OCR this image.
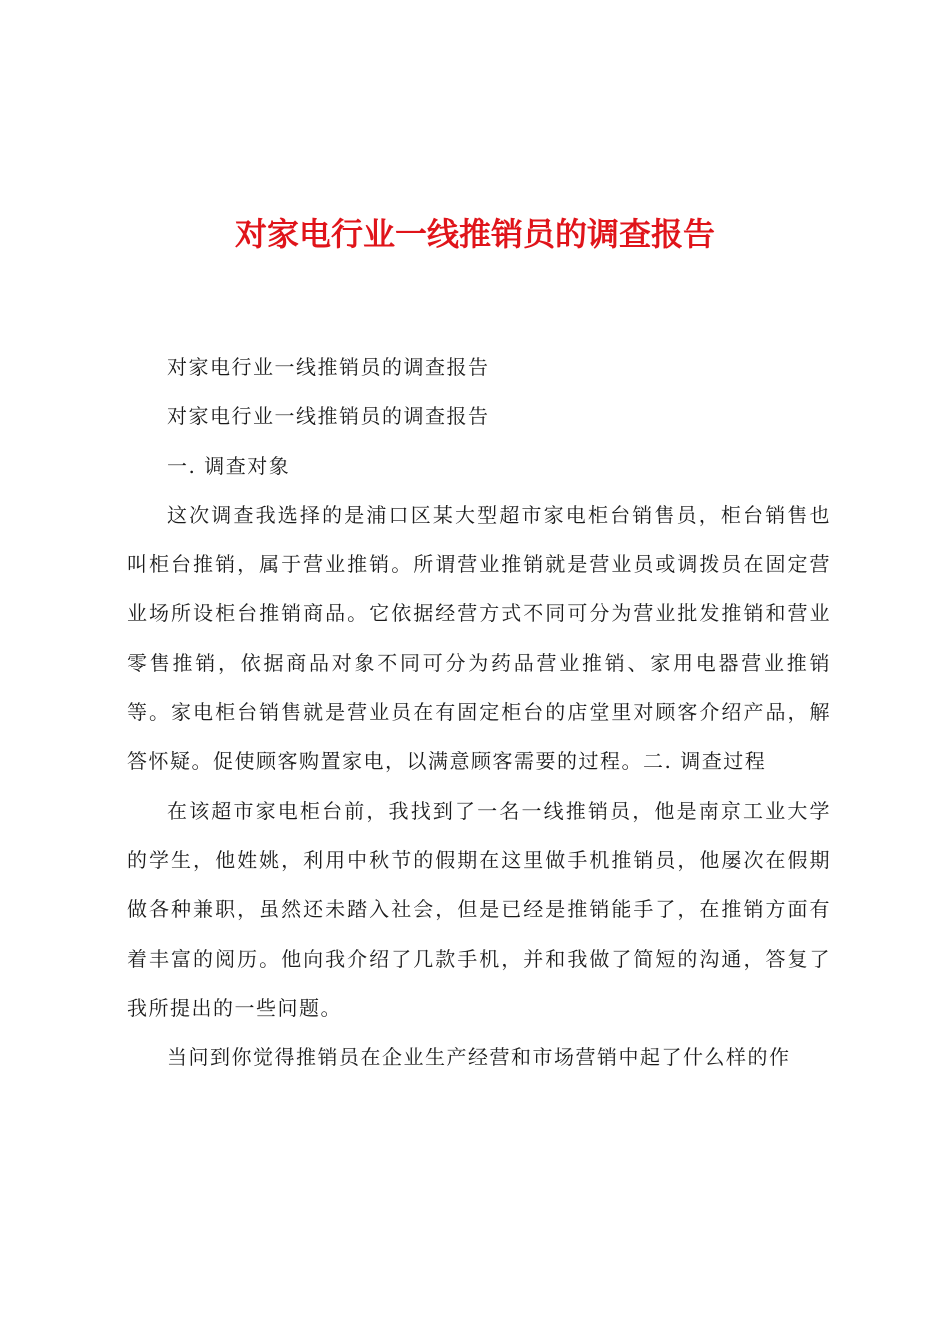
对家电行业一线推销员的调查报告

对家电行业一线推销员的调查报告

对家电行业一线推销员的调查报告

一. 调查对象

这次调查我选择的是浦口区某大型超市家电柜台销售员，柜台销售也叫柜台推销，属于营业推销。所谓营业推销就是营业员或调拨员在固定营业场所设柜台推销商品。它依据经营方式不同可分为营业批发推销和营业零售推销，依据商品对象不同可分为药品营业推销、家用电器营业推销等。家电柜台销售就是营业员在有固定柜台的店堂里对顾客介绍产品，解答怀疑。促使顾客购置家电，以满意顾客需要的过程。二. 调查过程

在该超市家电柜台前，我找到了一名一线推销员，他是南京工业大学的学生，他姓姚，利用中秋节的假期在这里做手机推销员，他屡次在假期做各种兼职，虽然还未踏入社会，但是已经是推销能手了，在推销方面有着丰富的阅历。他向我介绍了几款手机，并和我做了简短的沟通，答复了我所提出的一些问题。

当问到你觉得推销员在企业生产经营和市场营销中起了什么样的作
